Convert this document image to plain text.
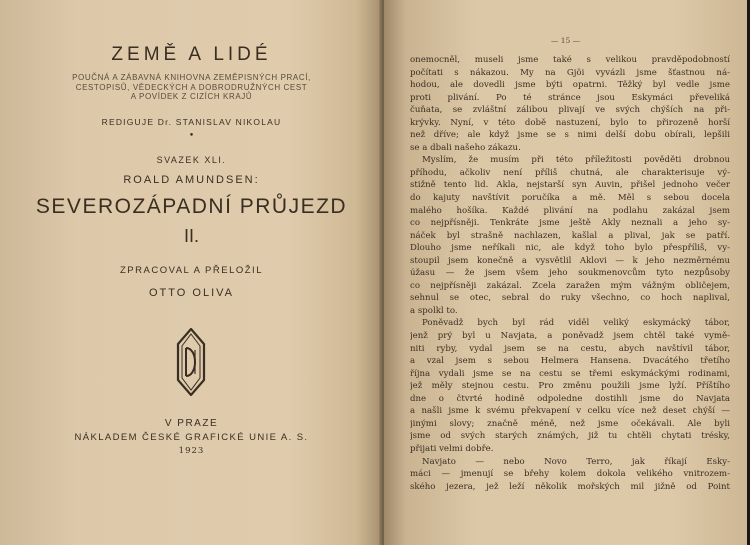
ZEMĚ A LIDÉ
POUČNÁ A ZÁBAVNÁ KNIHOVNA ZEMĚPISNÝCH PRACÍ,
CESTOPISŮ, VĚDECKÝCH A DOBRODRUŽNÝCH CEST
A POVÍDEK Z CIZÍCH KRAJŮ
REDIGUJE Dr. STANISLAV NIKOLAU
•
SVAZEK XLI.
ROALD AMUNDSEN:
SEVEROZÁPADNÍ PRŮJEZD
II.
ZPRACOVAL A PŘELOŽIL
OTTO OLIVA
V PRAZE
NÁKLADEM ČESKÉ GRAFICKÉ UNIE A. S.
1923
— 15 —
onemocněl, museli jsme také s velikou pravděpodobností
počítati s nákazou. My na Gjöi vyvázli jsme šťastnou ná-
hodou, ale dovedli jsme býti opatrni. Těžký byl vedle jsme
proti plivání. Po té stránce jsou Eskymáci převeliká
čuňata, se zvláštní zálibou plivají ve svých chýších na při-
krývky. Nyní, v této době nastuzení, bylo to přirozeně horší
než dříve; ale když jsme se s nimi delší dobu obírali, lepšili
se a dbali našeho zákazu.
Myslím, že musím při této příležitosti pověděti drobnou
příhodu, ačkoliv není příliš chutná, ale charakterisuje vý-
stižně tento lid. Akla, nejstarší syn Auvin, přišel jednoho večer
do kajuty navštívit poručíka a mě. Měl s sebou docela
malého hošíka. Každé plivání na podlahu zakázal jsem
co nejpřísněji. Tenkráte jsme ještě Akly neznali a jeho sy-
náček byl strašně nachlazen, kašlal a plival, jak se patří.
Dlouho jsme neříkali nic, ale když toho bylo přespříliš, vy-
stoupil jsem konečně a vysvětlil Aklovi — k jeho nezměrnému
úžasu — že jsem všem jeho soukmenovcům tyto nezpůsoby
co nejpřísněji zakázal. Zcela zaražen mým vážným obličejem,
sehnul se otec, sebral do ruky všechno, co hoch naplival,
a spolkl to.
Poněvadž bych byl rád viděl veliký eskymácký tábor,
jenž prý byl u Navjata, a poněvadž jsem chtěl také vymě-
niti ryby, vydal jsem se na cestu, abych navštívil tábor,
a vzal jsem s sebou Helmera Hansena. Dvacátého třetího
října vydali jsme se na cestu se třemi eskymáckými rodinami,
jež měly stejnou cestu. Pro změnu použili jsme lyží. Příštího
dne o čtvrté hodině odpoledne dostihli jsme do Navjata
a našli jsme k svému překvapení v celku více než deset chýší —
jinými slovy; značně méně, než jsme očekávali. Ale byli
jsme od svých starých známých, již tu chtěli chytati trésky,
přijati velmi dobře.
Navjato — nebo Novo Terro, jak říkají Esky-
máci — jmenují se břehy kolem dokola velikého vnitrozem-
ského jezera, jež leží několik mořských mil jižně od Point
